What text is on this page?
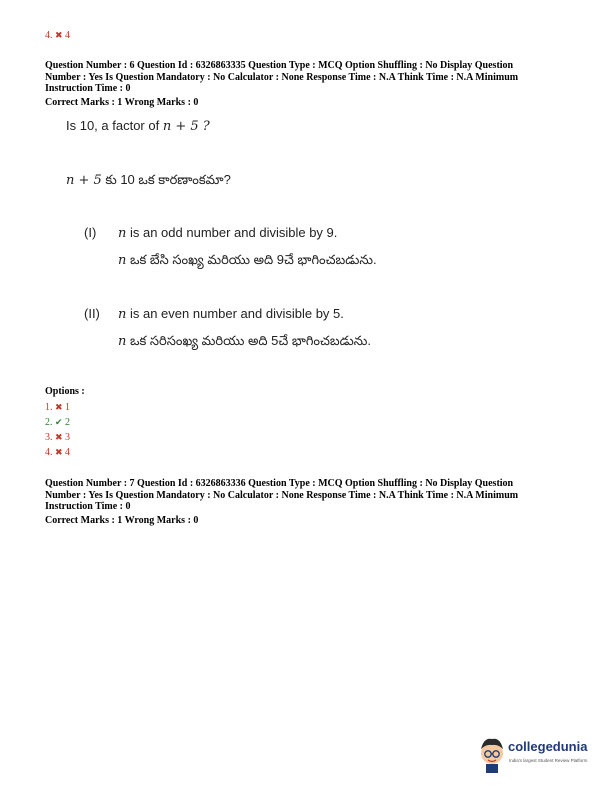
4. ✖ 4
Question Number : 6 Question Id : 6326863335 Question Type : MCQ Option Shuffling : No Display Question
Number : Yes Is Question Mandatory : No Calculator : None Response Time : N.A Think Time : N.A Minimum
Instruction Time : 0
Correct Marks : 1 Wrong Marks : 0
Is 10, a factor of n + 5 ?
n + 5 కు 10 ఒక కారణాంకమా?
(I) n is an odd number and divisible by 9.
n ఒక బేసి సంఖ్య మరియు అది 9చే భాగించబడును.
(II) n is an even number and divisible by 5.
n ఒక సరిసంఖ్య మరియు అది 5చే భాగించబడును.
Options :
1. ✖ 1
2. ✔ 2
3. ✖ 3
4. ✖ 4
Question Number : 7 Question Id : 6326863336 Question Type : MCQ Option Shuffling : No Display Question
Number : Yes Is Question Mandatory : No Calculator : None Response Time : N.A Think Time : N.A Minimum
Instruction Time : 0
Correct Marks : 1 Wrong Marks : 0
collegedunia
India's largest Student Review Platform
